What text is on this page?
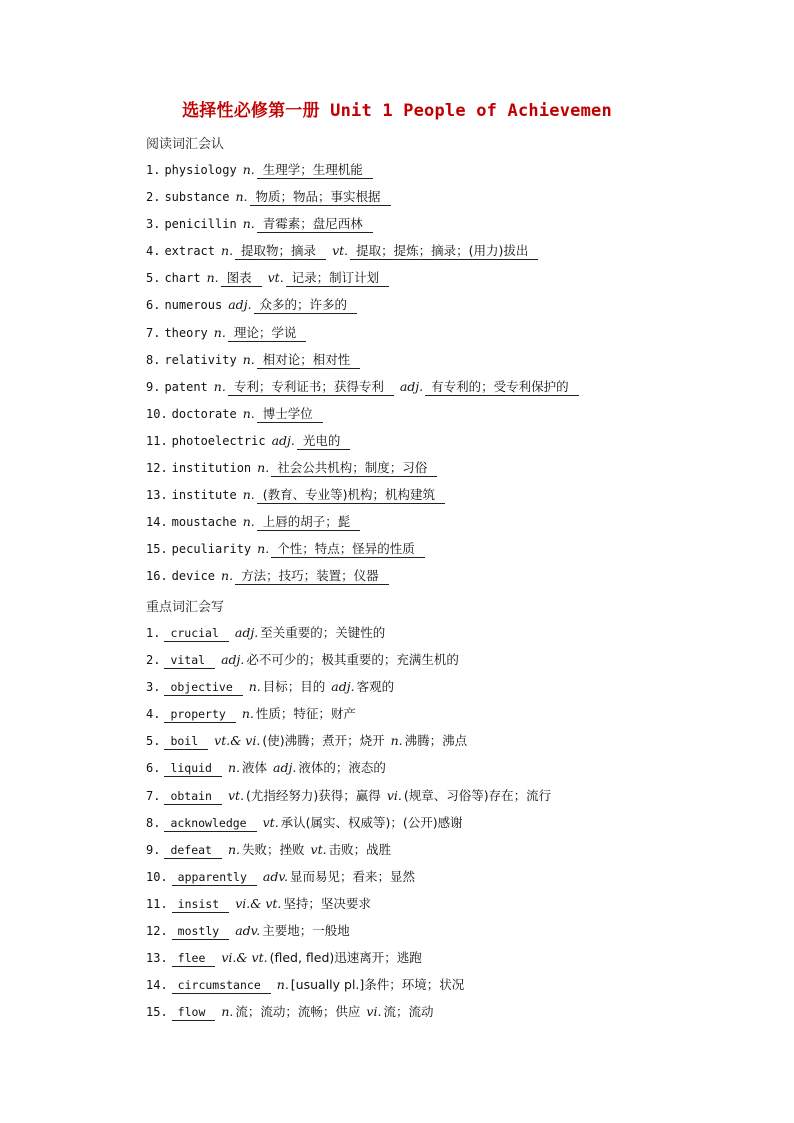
选择性必修第一册 Unit 1 People of Achievemen
阅读词汇会认
1. physiology n. 生理学；生理机能
2. substance n. 物质；物品；事实根据
3. penicillin n. 青霉素；盘尼西林
4. extract n. 提取物；摘录 vt. 提取；提炼；摘录；(用力)拔出
5. chart n. 图表 vt. 记录；制订计划
6. numerous adj. 众多的；许多的
7. theory n. 理论；学说
8. relativity n. 相对论；相对性
9. patent n. 专利；专利证书；获得专利 adj. 有专利的；受专利保护的
10. doctorate n. 博士学位
11. photoelectric adj. 光电的
12. institution n. 社会公共机构；制度；习俗
13. institute n. (教育、专业等)机构；机构建筑
14. moustache n. 上唇的胡子；髭
15. peculiarity n. 个性；特点；怪异的性质
16. device n. 方法；技巧；装置；仪器
重点词汇会写
1. crucial adj. 至关重要的；关键性的
2. vital adj. 必不可少的；极其重要的；充满生机的
3. objective n. 目标；目的 adj. 客观的
4. property n. 性质；特征；财产
5. boil vt.& vi. (使)沸腾；煮开；烧开 n. 沸腾；沸点
6. liquid n. 液体 adj. 液体的；液态的
7. obtain vt. (尤指经努力)获得；赢得 vi. (规章、习俗等)存在；流行
8. acknowledge vt. 承认(属实、权威等)；(公开)感谢
9. defeat n. 失败；挫败 vt. 击败；战胜
10. apparently adv. 显而易见；看来；显然
11. insist vi.& vt. 坚持；坚决要求
12. mostly adv. 主要地；一般地
13. flee vi.& vt. (fled, fled)迅速离开；逃跑
14. circumstance n. [usually pl.]条件；环境；状况
15. flow n. 流；流动；流畅；供应 vi. 流；流动
